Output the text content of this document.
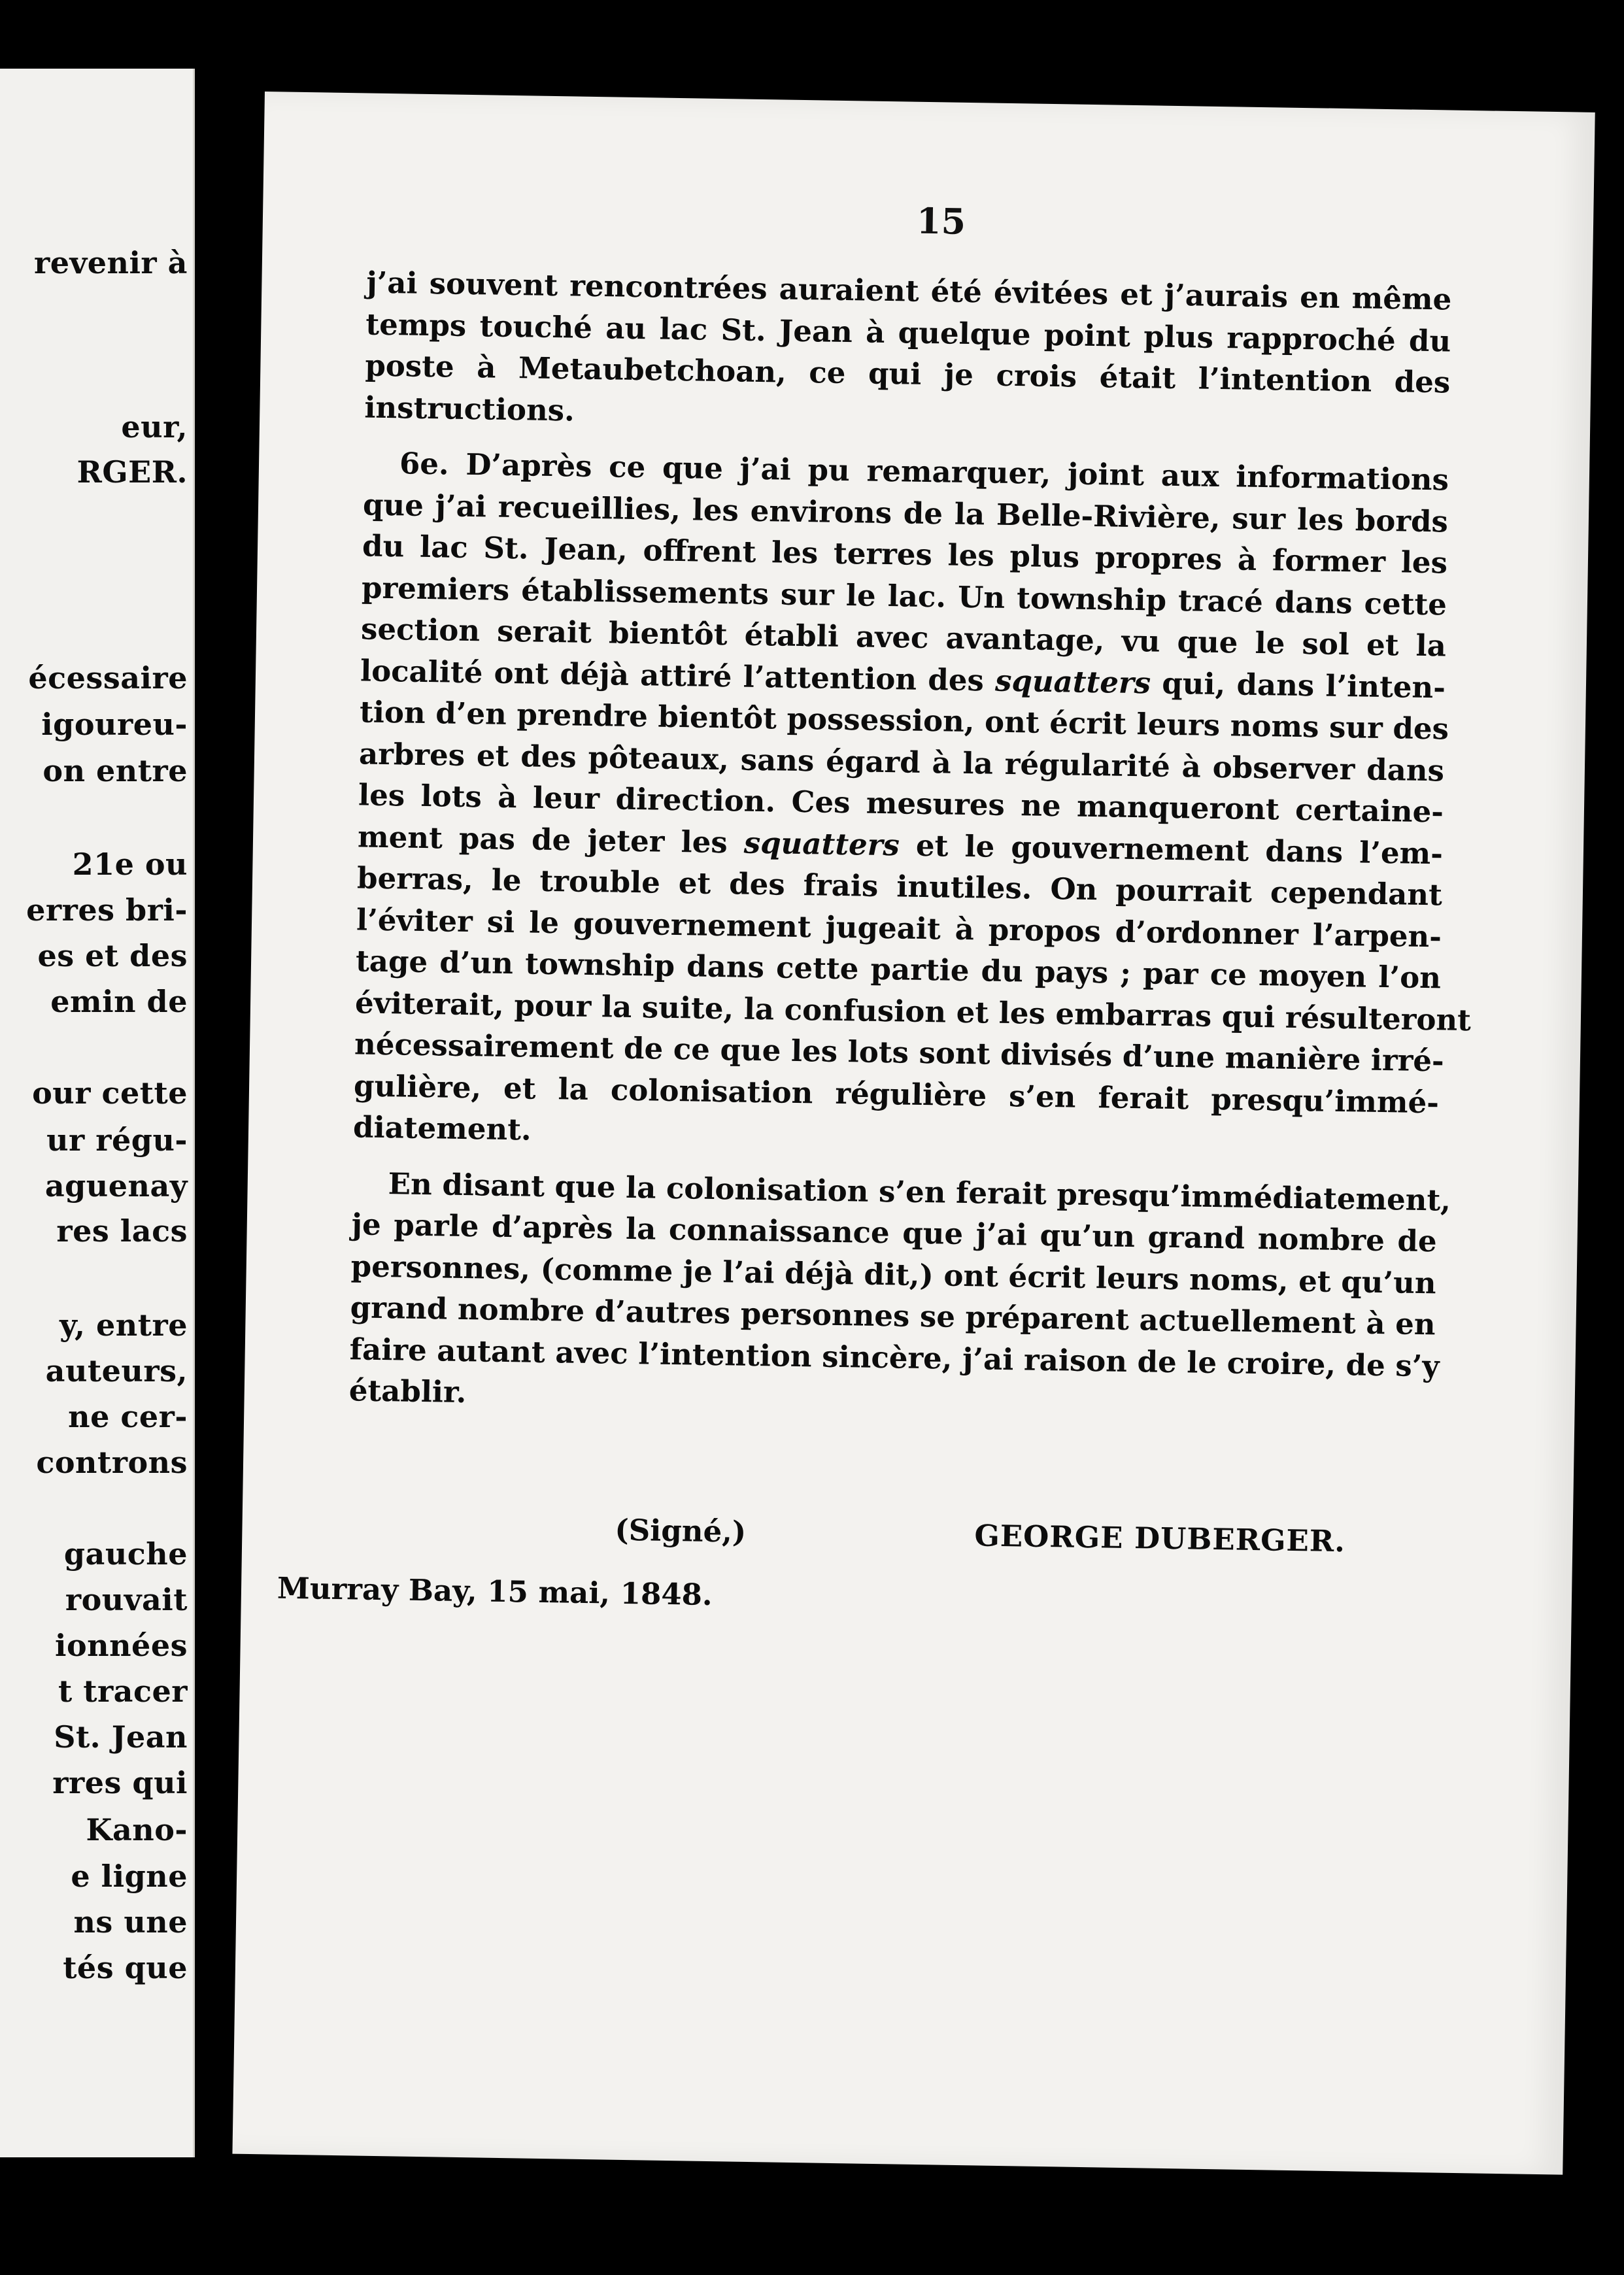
revenir à
eur,
RGER.
écessaire
igoureu-
on entre
21e ou
erres bri-
es et des
emin de
our cette
ur régu-
aguenay
res lacs
y, entre
auteurs,
ne cer-
controns
gauche
rouvait
ionnées
t tracer
St. Jean
rres qui
Kano-
e ligne
ns une
tés que
15
j’ai souvent rencontrées auraient été évitées et j’aurais en même
temps touché au lac St. Jean à quelque point plus rapproché du
poste à Metaubetchoan, ce qui je crois était l’intention des
instructions.
6e. D’après ce que j’ai pu remarquer, joint aux informations
que j’ai recueillies, les environs de la Belle-Rivière, sur les bords
du lac St. Jean, offrent les terres les plus propres à former les
premiers établissements sur le lac. Un township tracé dans cette
section serait bientôt établi avec avantage, vu que le sol et la
localité ont déjà attiré l’attention des squatters qui, dans l’inten-
tion d’en prendre bientôt possession, ont écrit leurs noms sur des
arbres et des pôteaux, sans égard à la régularité à observer dans
les lots à leur direction. Ces mesures ne manqueront certaine-
ment pas de jeter les squatters et le gouvernement dans l’em-
berras, le trouble et des frais inutiles. On pourrait cependant
l’éviter si le gouvernement jugeait à propos d’ordonner l’arpen-
tage d’un township dans cette partie du pays ; par ce moyen l’on
éviterait, pour la suite, la confusion et les embarras qui résulteront
nécessairement de ce que les lots sont divisés d’une manière irré-
gulière, et la colonisation régulière s’en ferait presqu’immé-
diatement.
En disant que la colonisation s’en ferait presqu’immédiatement,
je parle d’après la connaissance que j’ai qu’un grand nombre de
personnes, (comme je l’ai déjà dit,) ont écrit leurs noms, et qu’un
grand nombre d’autres personnes se préparent actuellement à en
faire autant avec l’intention sincère, j’ai raison de le croire, de s’y
établir.
(Signé,)	GEORGE DUBERGER.
Murray Bay, 15 mai, 1848.
